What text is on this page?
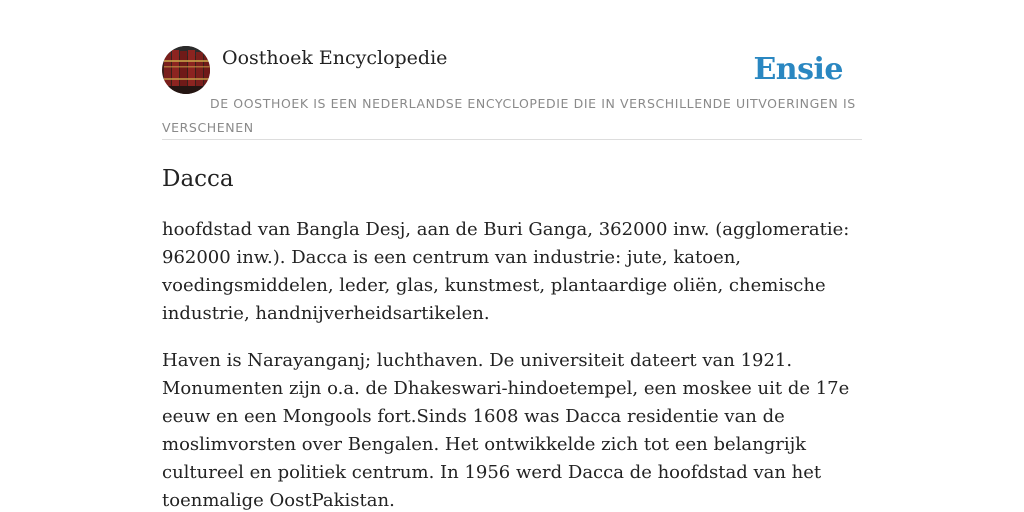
Oosthoek Encyclopedie	Ensie
DE OOSTHOEK IS EEN NEDERLANDSE ENCYCLOPEDIE DIE IN VERSCHILLENDE UITVOERINGEN IS VERSCHENEN
Dacca

hoofdstad van Bangla Desj, aan de Buri Ganga, 362000 inw. (agglomeratie: 962000 inw.). Dacca is een centrum van industrie: jute, katoen, voedingsmiddelen, leder, glas, kunstmest, plantaardige oliën, chemische industrie, handnijverheidsartikelen.

Haven is Narayanganj; luchthaven. De universiteit dateert van 1921. Monumenten zijn o.a. de Dhakeswari-hindoetempel, een moskee uit de 17e eeuw en een Mongools fort.Sinds 1608 was Dacca residentie van de moslimvorsten over Bengalen. Het ontwikkelde zich tot een belangrijk cultureel en politiek centrum. In 1956 werd Dacca de hoofdstad van het toenmalige OostPakistan.
